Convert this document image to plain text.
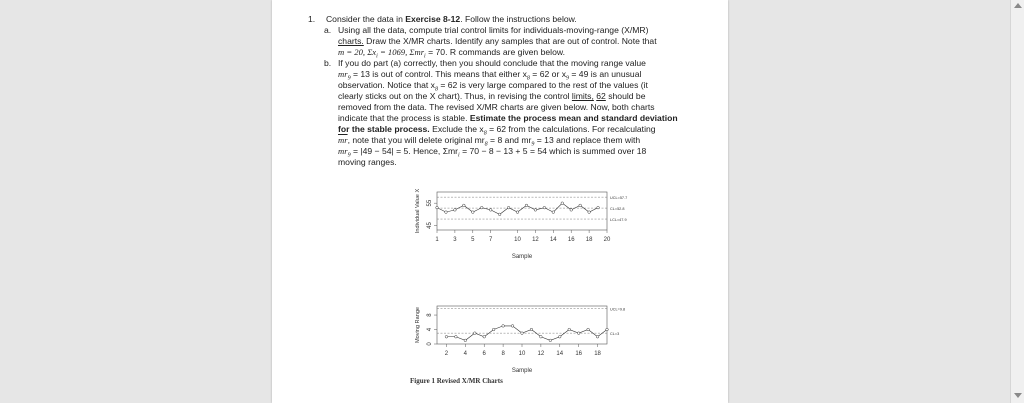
1. Consider the data in Exercise 8-12. Follow the instructions below.
a. Using all the data, compute trial control limits for individuals-moving-range (X/MR)
charts. Draw the X/MR charts. Identify any samples that are out of control. Note that
m = 20, $\Sigma x_i = 1069$, Σmr$_i$ = 70. R commands are given below.
b. If you do part (a) correctly, then you should conclude that the moving range value
$mr_9 = 13$ is out of control. This means that either $x_8 = 62$ or $x_9 = 49$ is an unusual
observation. Notice that $x_8 = 62$ is very large compared to the rest of the values (it
clearly sticks out on the X chart). Thus, in revising the control limits, 62 should be
removed from the data. The revised X/MR charts are given below. Now, both charts
indicate that the process is stable. Estimate the process mean and standard deviation
for the stable process. Exclude the $x_8 = 62$ from the calculations. For recalculating
$\overline{mr}$, note that you will delete original $mr_8 = 8$ and $mr_9 = 13$ and replace them with
$mr_9 = |49 - 54| = 5$. Hence, Σmr$_i$ = 70 − 8 − 13 + 5 = 54 which is summed over 18
moving ranges.
UCL=57.7
CL=52.8
LCL=47.9
1 3 5 7	10 12 14 16 18 20
45
55
Sample
Individual Value X
UCL=9.8
CL=3
2	4	6	8 10 12 14 16 18
0
4
8
Sample
Moving Range
Figure 1 Revised X/MR Charts
